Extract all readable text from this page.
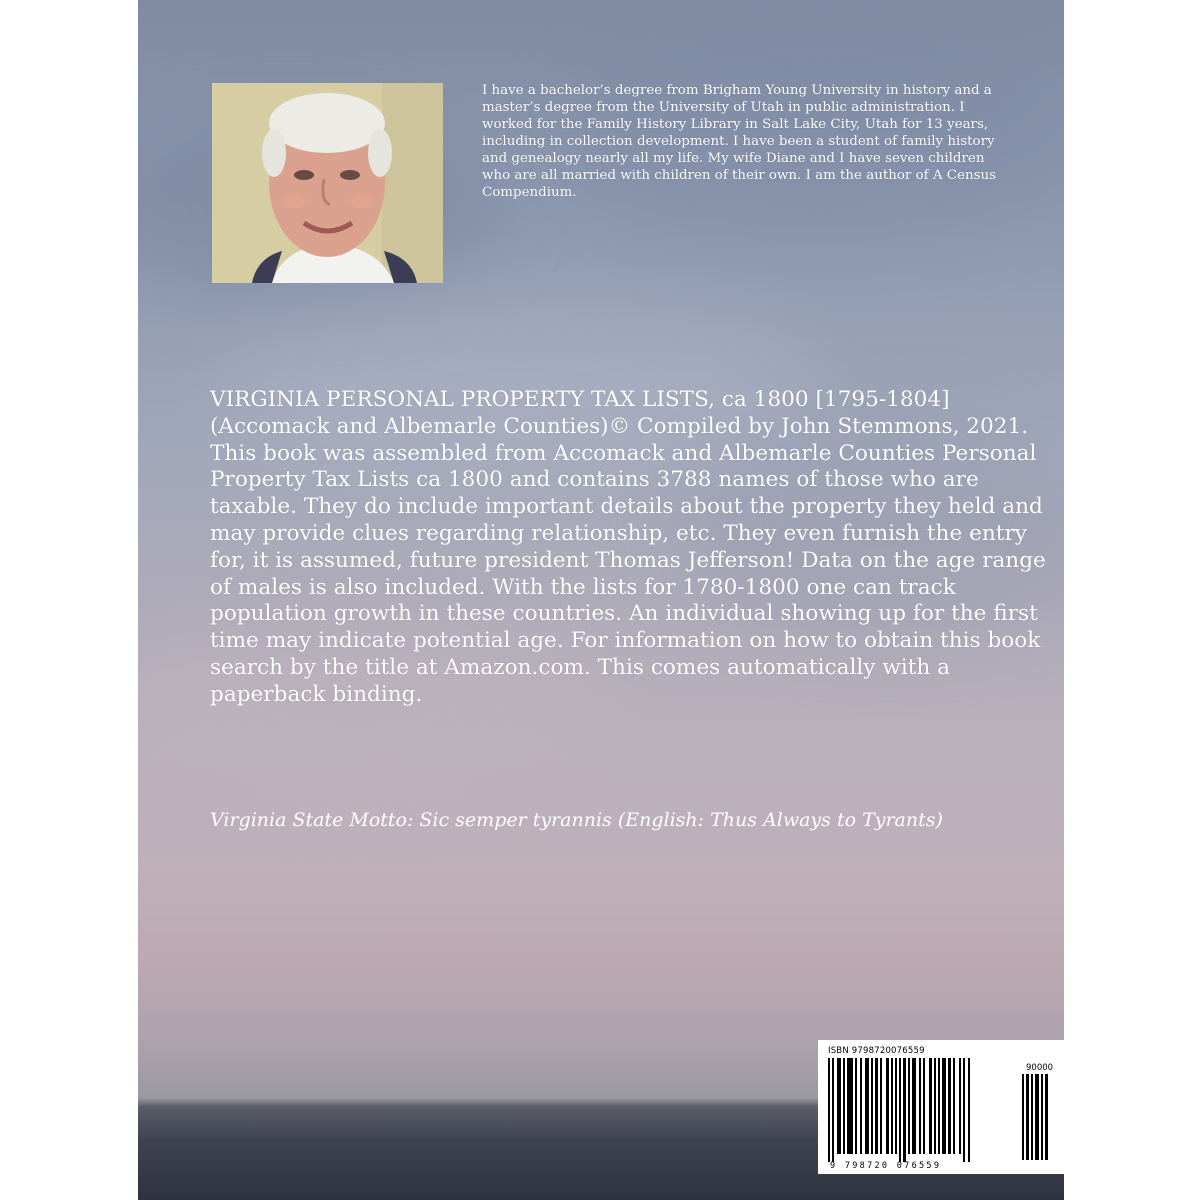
I have a bachelor’s degree from Brigham Young University in history and a master’s degree from the University of Utah in public administration. I worked for the Family History Library in Salt Lake City, Utah for 13 years, including in collection development. I have been a student of family history and genealogy nearly all my life. My wife Diane and I have seven children who are all married with children of their own. I am the author of A Census Compendium.

VIRGINIA PERSONAL PROPERTY TAX LISTS, ca 1800 [1795-1804] (Accomack and Albemarle Counties)© Compiled by John Stemmons, 2021. This book was assembled from Accomack and Albemarle Counties Personal Property Tax Lists ca 1800 and contains 3788 names of those who are taxable. They do include important details about the property they held and may provide clues regarding relationship, etc. They even furnish the entry for, it is assumed, future president Thomas Jefferson! Data on the age range of males is also included. With the lists for 1780-1800 one can track population growth in these countries. An individual showing up for the first time may indicate potential age. For information on how to obtain this book search by the title at Amazon.com. This comes automatically with a paperback binding.

Virginia State Motto: Sic semper tyrannis (English: Thus Always to Tyrants)

ISBN 9798720076559
90000
9 798720 076559
